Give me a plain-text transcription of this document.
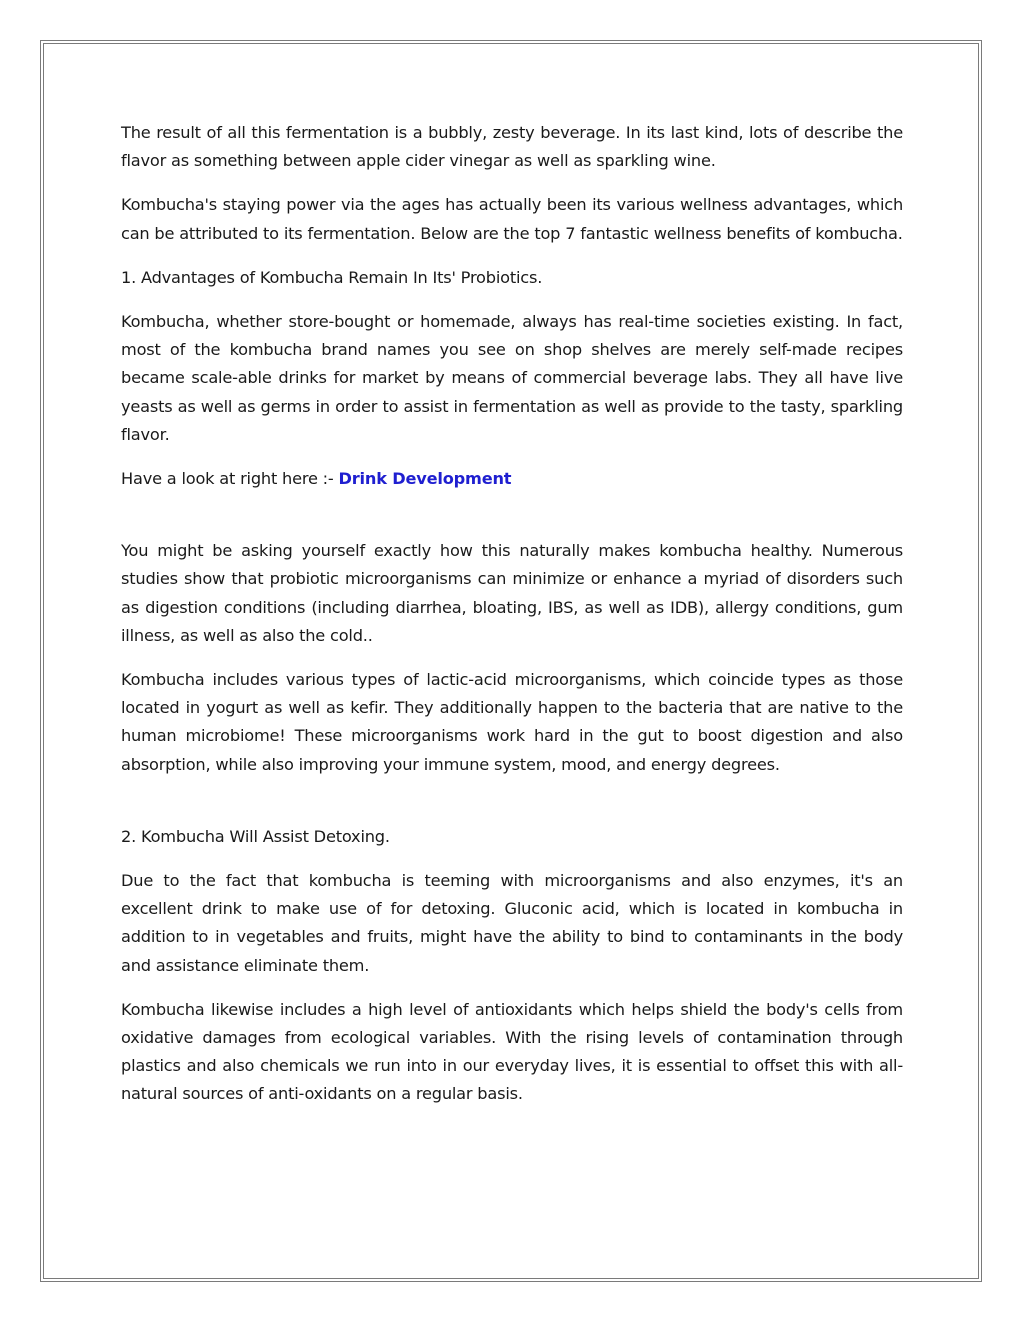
The result of all this fermentation is a bubbly, zesty beverage. In its last kind, lots of describe the flavor as something between apple cider vinegar as well as sparkling wine.

Kombucha's staying power via the ages has actually been its various wellness advantages, which can be attributed to its fermentation. Below are the top 7 fantastic wellness benefits of kombucha.

1. Advantages of Kombucha Remain In Its' Probiotics.

Kombucha, whether store-bought or homemade, always has real-time societies existing. In fact, most of the kombucha brand names you see on shop shelves are merely self-made recipes became scale-able drinks for market by means of commercial beverage labs. They all have live yeasts as well as germs in order to assist in fermentation as well as provide to the tasty, sparkling flavor.

Have a look at right here :- Drink Development

You might be asking yourself exactly how this naturally makes kombucha healthy. Numerous studies show that probiotic microorganisms can minimize or enhance a myriad of disorders such as digestion conditions (including diarrhea, bloating, IBS, as well as IDB), allergy conditions, gum illness, as well as also the cold..

Kombucha includes various types of lactic-acid microorganisms, which coincide types as those located in yogurt as well as kefir. They additionally happen to the bacteria that are native to the human microbiome! These microorganisms work hard in the gut to boost digestion and also absorption, while also improving your immune system, mood, and energy degrees.

2. Kombucha Will Assist Detoxing.

Due to the fact that kombucha is teeming with microorganisms and also enzymes, it's an excellent drink to make use of for detoxing. Gluconic acid, which is located in kombucha in addition to in vegetables and fruits, might have the ability to bind to contaminants in the body and assistance eliminate them.

Kombucha likewise includes a high level of antioxidants which helps shield the body's cells from oxidative damages from ecological variables. With the rising levels of contamination through plastics and also chemicals we run into in our everyday lives, it is essential to offset this with all-natural sources of anti-oxidants on a regular basis.
